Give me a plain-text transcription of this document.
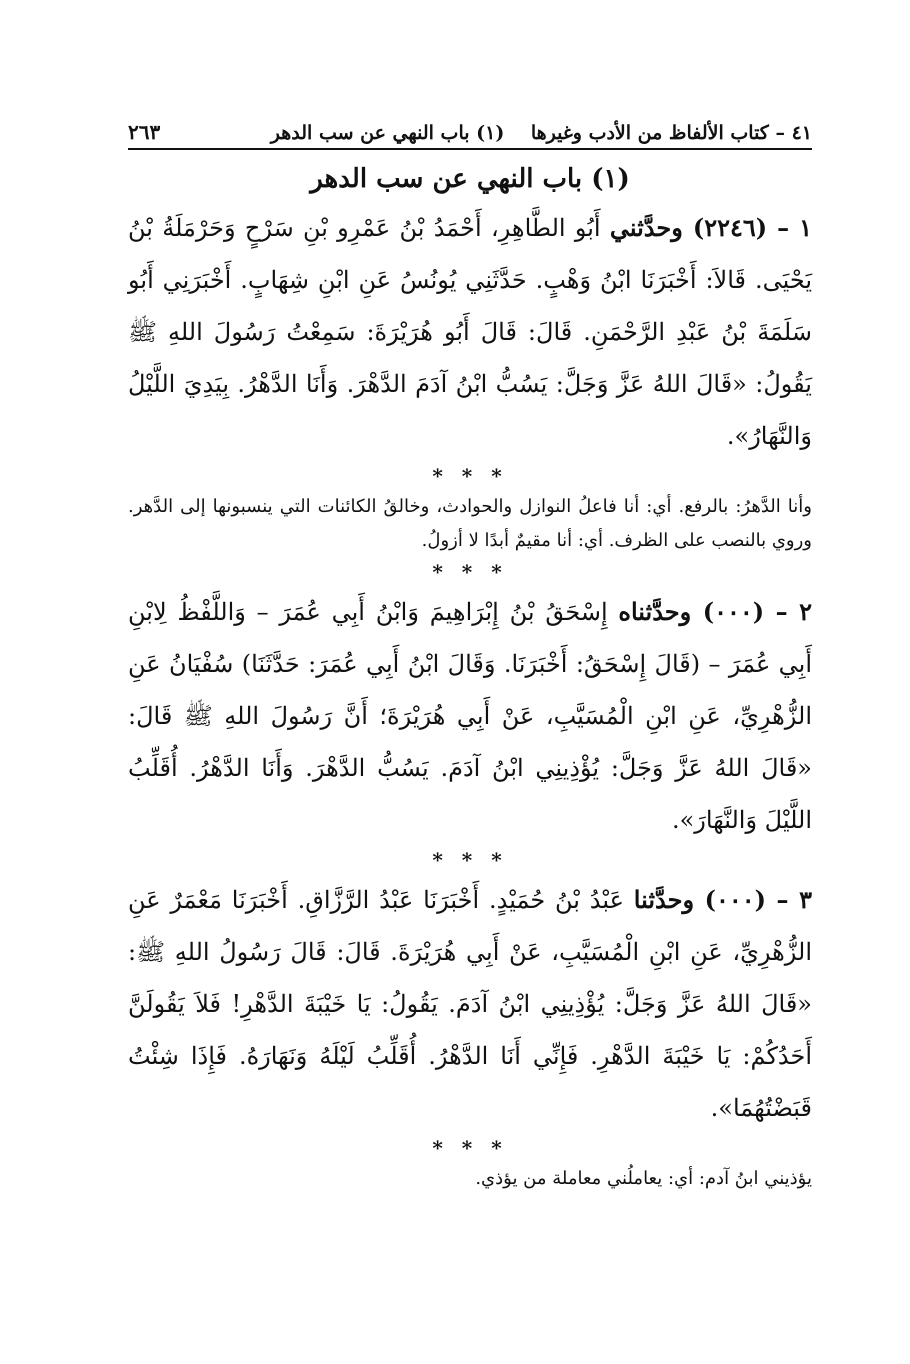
٤١ – كتاب الألفاظ من الأدب وغيرها    (١) باب النهي عن سب الدهر
٢٦٣
(١) باب النهي عن سب الدهر

١ – (٢٢٤٦) وحدَّثني أَبُو الطَّاهِرِ، أَحْمَدُ بْنُ عَمْرِو بْنِ سَرْحٍ وَحَرْمَلَةُ بْنُ يَحْيَى. قَالاَ: أَخْبَرَنَا ابْنُ وَهْبٍ. حَدَّثَنِي يُونُسُ عَنِ ابْنِ شِهَابٍ. أَخْبَرَنِي أَبُو سَلَمَةَ بْنُ عَبْدِ الرَّحْمَنِ. قَالَ: قَالَ أَبُو هُرَيْرَةَ: سَمِعْتُ رَسُولَ اللهِ ﷺ يَقُولُ: «قَالَ اللهُ عَزَّ وَجَلَّ: يَسُبُّ ابْنُ آدَمَ الدَّهْرَ. وَأَنَا الدَّهْرُ. بِيَدِيَ اللَّيْلُ وَالنَّهَارُ».

* * *

وأنا الدَّهرُ: بالرفع. أي: أنا فاعلُ النوازل والحوادث، وخالقُ الكائنات التي ينسبونها إلى الدَّهر. وروي بالنصب على الظرف. أي: أنا مقيمٌ أبدًا لا أزولُ.

* * *

٢ – (٠٠٠) وحدَّثناه إِسْحَقُ بْنُ إِبْرَاهِيمَ وَابْنُ أَبِي عُمَرَ – وَاللَّفْظُ لِابْنِ أَبِي عُمَرَ – (قَالَ إِسْحَقُ: أَخْبَرَنَا. وَقَالَ ابْنُ أَبِي عُمَرَ: حَدَّثَنَا) سُفْيَانُ عَنِ الزُّهْرِيِّ، عَنِ ابْنِ الْمُسَيَّبِ، عَنْ أَبِي هُرَيْرَةَ؛ أَنَّ رَسُولَ اللهِ ﷺ قَالَ: «قَالَ اللهُ عَزَّ وَجَلَّ: يُؤْذِينِي ابْنُ آدَمَ. يَسُبُّ الدَّهْرَ. وَأَنَا الدَّهْرُ. أُقَلِّبُ اللَّيْلَ وَالنَّهَارَ».

* * *

٣ – (٠٠٠) وحدَّثنا عَبْدُ بْنُ حُمَيْدٍ. أَخْبَرَنَا عَبْدُ الرَّزَّاقِ. أَخْبَرَنَا مَعْمَرٌ عَنِ الزُّهْرِيِّ، عَنِ ابْنِ الْمُسَيَّبِ، عَنْ أَبِي هُرَيْرَةَ. قَالَ: قَالَ رَسُولُ اللهِ ﷺ: «قَالَ اللهُ عَزَّ وَجَلَّ: يُؤْذِينِي ابْنُ آدَمَ. يَقُولُ: يَا خَيْبَةَ الدَّهْرِ! فَلاَ يَقُولَنَّ أَحَدُكُمْ: يَا خَيْبَةَ الدَّهْرِ. فَإِنِّي أَنَا الدَّهْرُ. أُقَلِّبُ لَيْلَهُ وَنَهَارَهُ. فَإِذَا شِئْتُ قَبَضْتُهُمَا».

* * *

يؤذيني ابنُ آدم: أي: يعاملُني معاملة من يؤذي.
